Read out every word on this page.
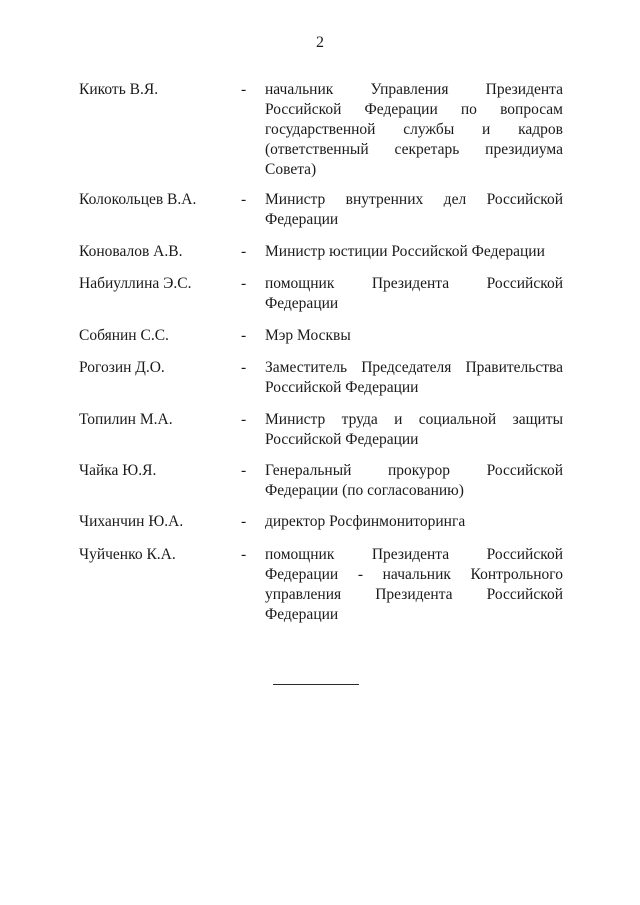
2
Кикоть В.Я.	- начальник Управления Президента
Российской Федерации по вопросам
государственной службы и кадров
(ответственный секретарь президиума
Совета)
Колокольцев В.А.	- Министр внутренних дел Российской
Федерации
Коновалов А.В.	- Министр юстиции Российской Федерации
Набиуллина Э.С.	- помощник Президента Российской
Федерации
Собянин С.С.	- Мэр Москвы
Рогозин Д.О.	- Заместитель Председателя Правительства
Российской Федерации
Топилин М.А.	- Министр труда и социальной защиты
Российской Федерации
Чайка Ю.Я.	- Генеральный прокурор Российской
Федерации (по согласованию)
Чиханчин Ю.А.	- директор Росфинмониторинга
Чуйченко К.А.	- помощник Президента Российской
Федерации - начальник Контрольного
управления Президента Российской
Федерации
